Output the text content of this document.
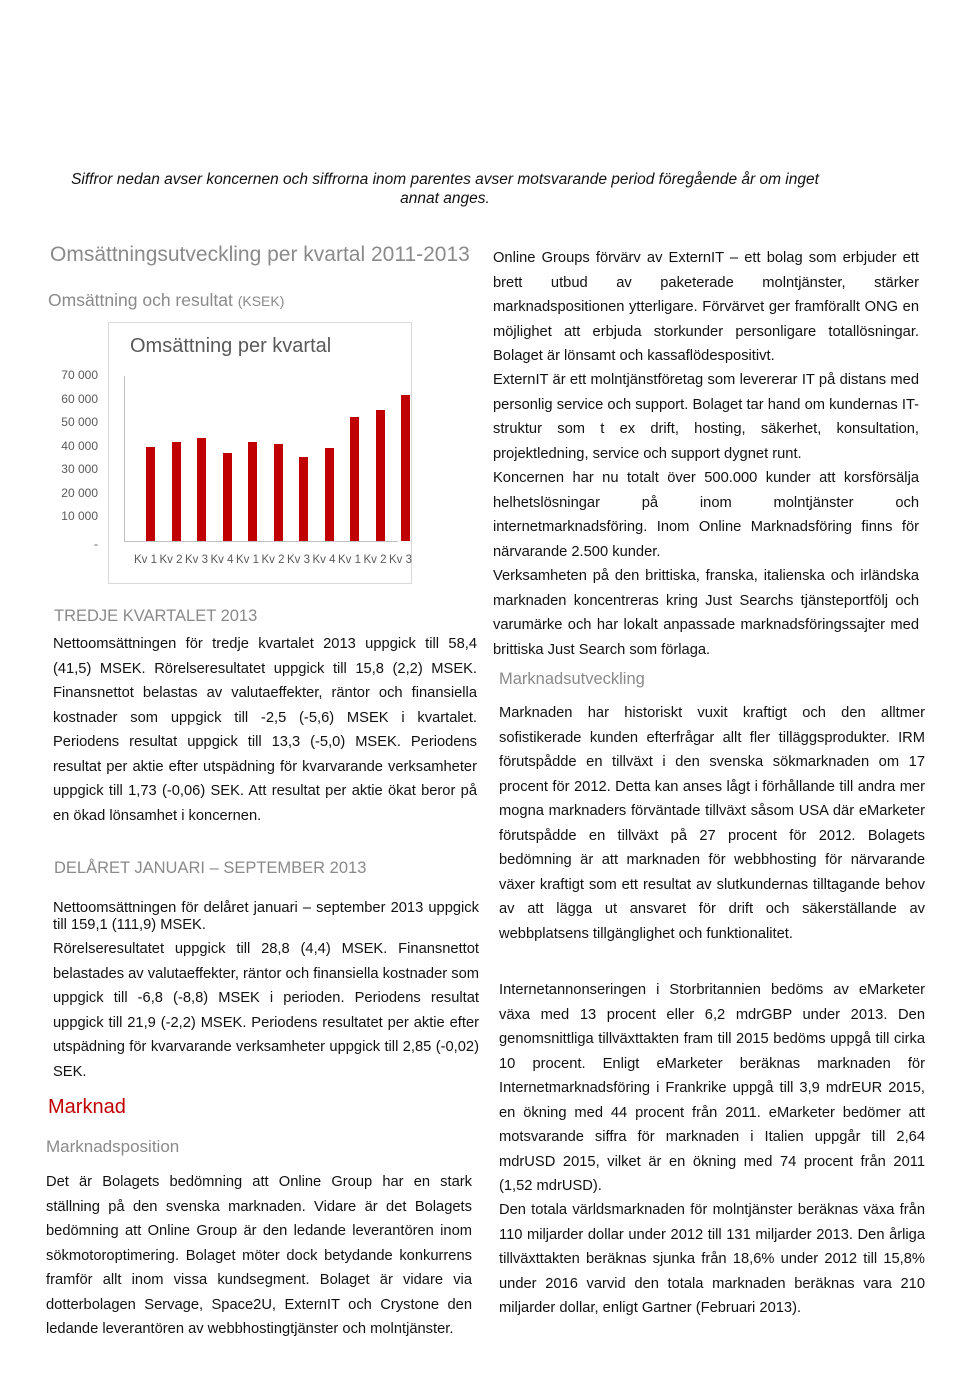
Siffror nedan avser koncernen och siffrorna inom parentes avser motsvarande period föregående år om inget annat anges.

Omsättningsutveckling per kvartal 2011-2013
Omsättning och resultat (KSEK)
Omsättning per kvartal
70 000
60 000
50 000
40 000
30 000
20 000
10 000
-
Kv 1 Kv 2 Kv 3 Kv 4 Kv 1 Kv 2 Kv 3 Kv 4 Kv 1 Kv 2 Kv 3
TREDJE KVARTALET 2013

Nettoomsättningen för tredje kvartalet 2013 uppgick till 58,4 (41,5) MSEK. Rörelseresultatet uppgick till 15,8 (2,2) MSEK. Finansnettot belastas av valutaeffekter, räntor och finansiella kostnader som uppgick till -2,5 (-5,6) MSEK i kvartalet. Periodens resultat uppgick till 13,3 (-5,0) MSEK. Periodens resultat per aktie efter utspädning för kvarvarande verksamheter uppgick till 1,73 (-0,06) SEK. Att resultat per aktie ökat beror på en ökad lönsamhet i koncernen.

DELÅRET JANUARI – SEPTEMBER 2013

Nettoomsättningen för delåret januari – september 2013 uppgick till 159,1 (111,9) MSEK.

Rörelseresultatet uppgick till 28,8 (4,4) MSEK. Finansnettot belastades av valutaeffekter, räntor och finansiella kostnader som uppgick till -6,8 (-8,8) MSEK i perioden. Periodens resultat uppgick till 21,9 (-2,2) MSEK. Periodens resultatet per aktie efter utspädning för kvarvarande verksamheter uppgick till 2,85 (-0,02) SEK.

Marknad
Marknadsposition

Det är Bolagets bedömning att Online Group har en stark ställning på den svenska marknaden. Vidare är det Bolagets bedömning att Online Group är den ledande leverantören inom sökmotoroptimering. Bolaget möter dock betydande konkurrens framför allt inom vissa kundsegment. Bolaget är vidare via dotterbolagen Servage, Space2U, ExternIT och Crystone den ledande leverantören av webbhostingtjänster och molntjänster.

Online Groups förvärv av ExternIT – ett bolag som erbjuder ett brett utbud av paketerade molntjänster, stärker marknadspositionen ytterligare. Förvärvet ger framförallt ONG en möjlighet att erbjuda storkunder personligare totallösningar. Bolaget är lönsamt och kassaflödespositivt.

ExternIT är ett molntjänstföretag som levererar IT på distans med personlig service och support. Bolaget tar hand om kundernas IT-struktur som t ex drift, hosting, säkerhet, konsultation, projektledning, service och support dygnet runt.

Koncernen har nu totalt över 500.000 kunder att korsförsälja helhetslösningar på inom molntjänster och internetmarknadsföring. Inom Online Marknadsföring finns för närvarande 2.500 kunder.

Verksamheten på den brittiska, franska, italienska och irländska marknaden koncentreras kring Just Searchs tjänsteportfölj och varumärke och har lokalt anpassade marknadsföringssajter med brittiska Just Search som förlaga.

Marknadsutveckling

Marknaden har historiskt vuxit kraftigt och den alltmer sofistikerade kunden efterfrågar allt fler tilläggsprodukter. IRM förutspådde en tillväxt i den svenska sökmarknaden om 17 procent för 2012. Detta kan anses lågt i förhållande till andra mer mogna marknaders förväntade tillväxt såsom USA där eMarketer förutspådde en tillväxt på 27 procent för 2012. Bolagets bedömning är att marknaden för webbhosting för närvarande växer kraftigt som ett resultat av slutkundernas tilltagande behov av att lägga ut ansvaret för drift och säkerställande av webbplatsens tillgänglighet och funktionalitet.

Internetannonseringen i Storbritannien bedöms av eMarketer växa med 13 procent eller 6,2 mdrGBP under 2013. Den genomsnittliga tillväxttakten fram till 2015 bedöms uppgå till cirka 10 procent. Enligt eMarketer beräknas marknaden för Internetmarknadsföring i Frankrike uppgå till 3,9 mdrEUR 2015, en ökning med 44 procent från 2011. eMarketer bedömer att motsvarande siffra för marknaden i Italien uppgår till 2,64 mdrUSD 2015, vilket är en ökning med 74 procent från 2011 (1,52 mdrUSD).

Den totala världsmarknaden för molntjänster beräknas växa från 110 miljarder dollar under 2012 till 131 miljarder 2013. Den årliga tillväxttakten beräknas sjunka från 18,6% under 2012 till 15,8% under 2016 varvid den totala marknaden beräknas vara 210 miljarder dollar, enligt Gartner (Februari 2013).
